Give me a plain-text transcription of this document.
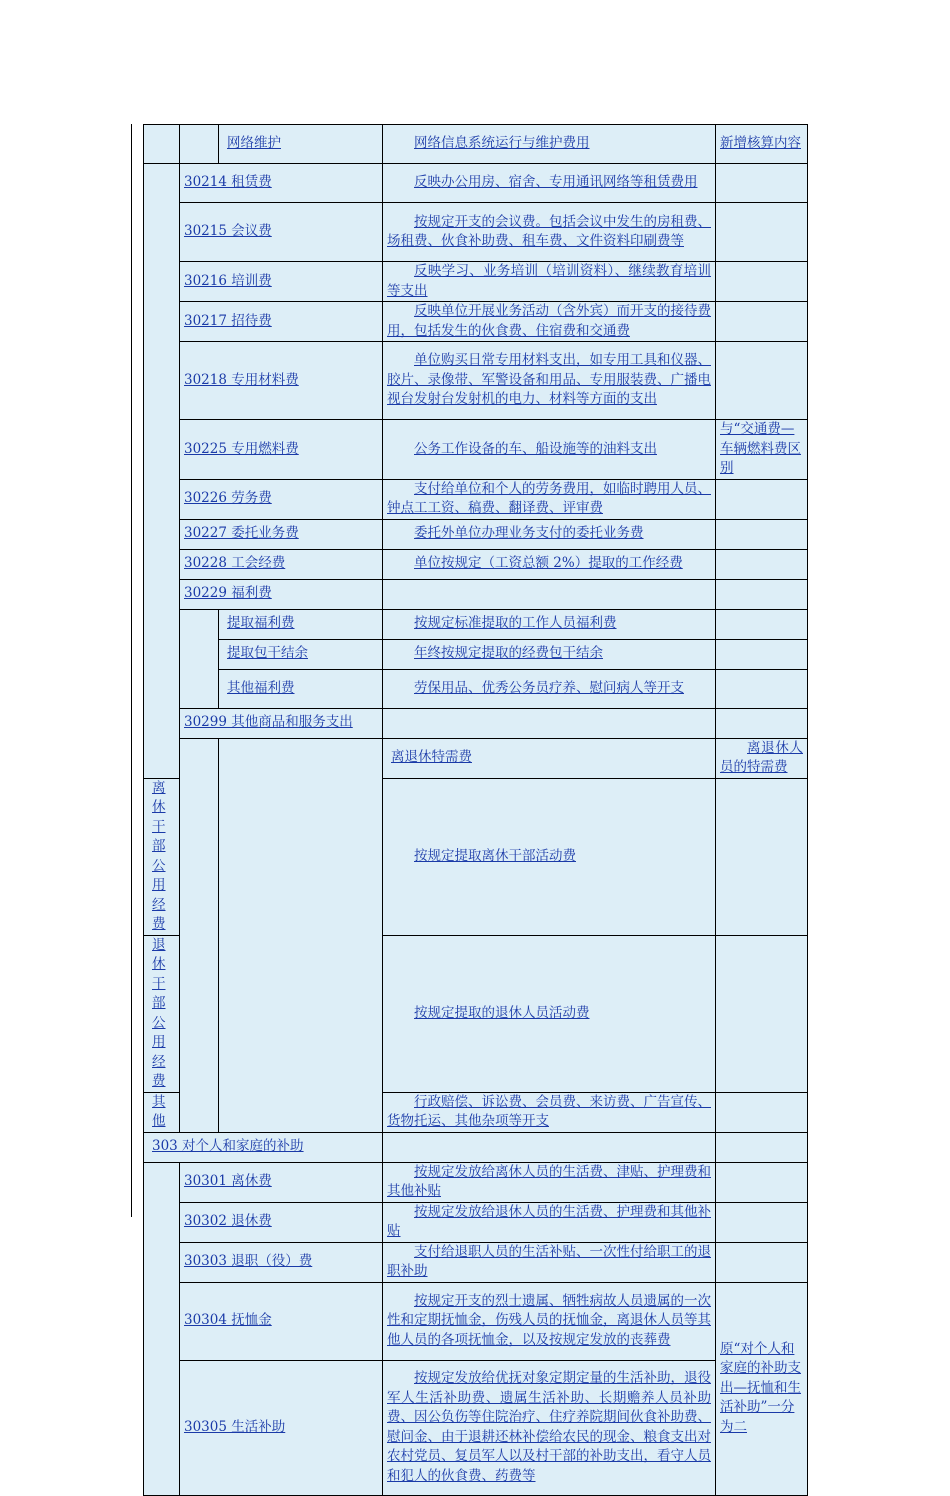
		网络维护	网络信息系统运行与维护费用	新增核算内容	
	30214 租赁费		反映办公用房、宿舍、专用通讯网络等租赁费用		

	30215 会议费		按规定开支的会议费。包括会议中发生的房租费、场租费、伙食补助费、租车费、文件资料印刷费等		

	30216 培训费		反映学习、业务培训（培训资料）、继续教育培训等支出		

	30217 招待费		反映单位开展业务活动（含外宾）而开支的接待费用，包括发生的伙食费、住宿费和交通费		

	30218 专用材料费		单位购买日常专用材料支出，如专用工具和仪器、胶片、录像带、军警设备和用品、专用服装费、广播电视台发射台发射机的电力、材料等方面的支出		

	30225 专用燃料费		公务工作设备的车、船设施等的油料支出	与“交通费—车辆燃料费区别	
	30226 劳务费		支付给单位和个人的劳务费用，如临时聘用人员、钟点工工资、稿费、翻译费、评审费		

	30227 委托业务费		委托外单位办理业务支付的委托业务费		

	30228 工会经费		单位按规定（工资总额 2%）提取的工作经费		

	30229 福利费			

		提取福利费	按规定标准提取的工作人员福利费		

		提取包干结余	年终按规定提取的经费包干结余		

		其他福利费	劳保用品、优秀公务员疗养、慰问病人等开支		

	30299 其他商品和服务支出			

			离退休特需费	离退休人员的特需费	

离休干部公用经费			按规定提取离休干部活动费		

退休干部公用经费			按规定提取的退休人员活动费		

其他			行政赔偿、诉讼费、会员费、来访费、广告宣传、货物托运、其他杂项等开支		

303 对个人和家庭的补助				

	30301 离休费		按规定发放给离休人员的生活费、津贴、护理费和其他补贴		

	30302 退休费		按规定发放给退休人员的生活费、护理费和其他补贴		

	30303 退职（役）费		支付给退职人员的生活补贴、一次性付给职工的退职补助		

	30304 抚恤金		按规定开支的烈士遗属、牺牲病故人员遗属的一次性和定期抚恤金，伤残人员的抚恤金，离退休人员等其他人员的各项抚恤金，以及按规定发放的丧葬费	原“对个人和家庭的补助支出—抚恤和生活补助”一分为二	
	30305 生活补助		按规定发放给优抚对象定期定量的生活补助，退役军人生活补助费、遗属生活补助、长期赡养人员补助费、因公负伤等住院治疗、住疗养院期间伙食补助费、慰问金、由于退耕还林补偿给农民的现金、粮食支出对农村党员、复员军人以及村干部的补助支出，看守人员和犯人的伙食费、药费等		
